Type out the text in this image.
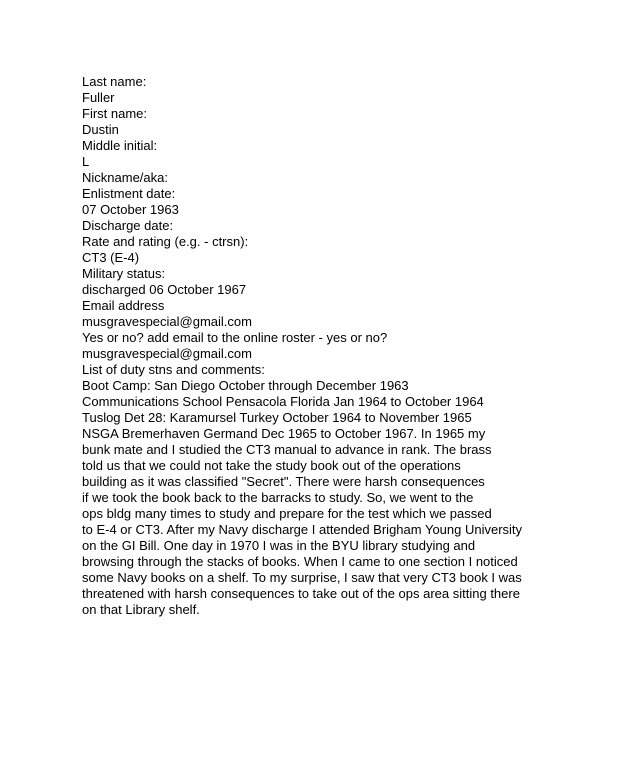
Last name:
Fuller
First name:
Dustin
Middle initial:
L
Nickname/aka:
Enlistment date:
07 October 1963
Discharge date:
Rate and rating (e.g. - ctrsn):
CT3 (E-4)
Military status:
discharged 06 October 1967
Email address
musgravespecial@gmail.com
Yes or no? add email to the online roster - yes or no?
musgravespecial@gmail.com
List of duty stns and comments:
Boot Camp: San Diego October through December 1963
Communications School Pensacola Florida Jan 1964 to October 1964
Tuslog Det 28: Karamursel Turkey October 1964 to November 1965
NSGA Bremerhaven Germand Dec 1965 to October 1967. In 1965 my
bunk mate and I studied the CT3 manual to advance in rank. The brass
told us that we could not take the study book out of the operations
building as it was classified "Secret". There were harsh consequences
if we took the book back to the barracks to study. So, we went to the
ops bldg many times to study and prepare for the test which we passed
to E-4 or CT3. After my Navy discharge I attended Brigham Young University
on the GI Bill. One day in 1970 I was in the BYU library studying and
browsing through the stacks of books. When I came to one section I noticed
some Navy books on a shelf. To my surprise, I saw that very CT3 book I was
threatened with harsh consequences to take out of the ops area sitting there
on that Library shelf.
